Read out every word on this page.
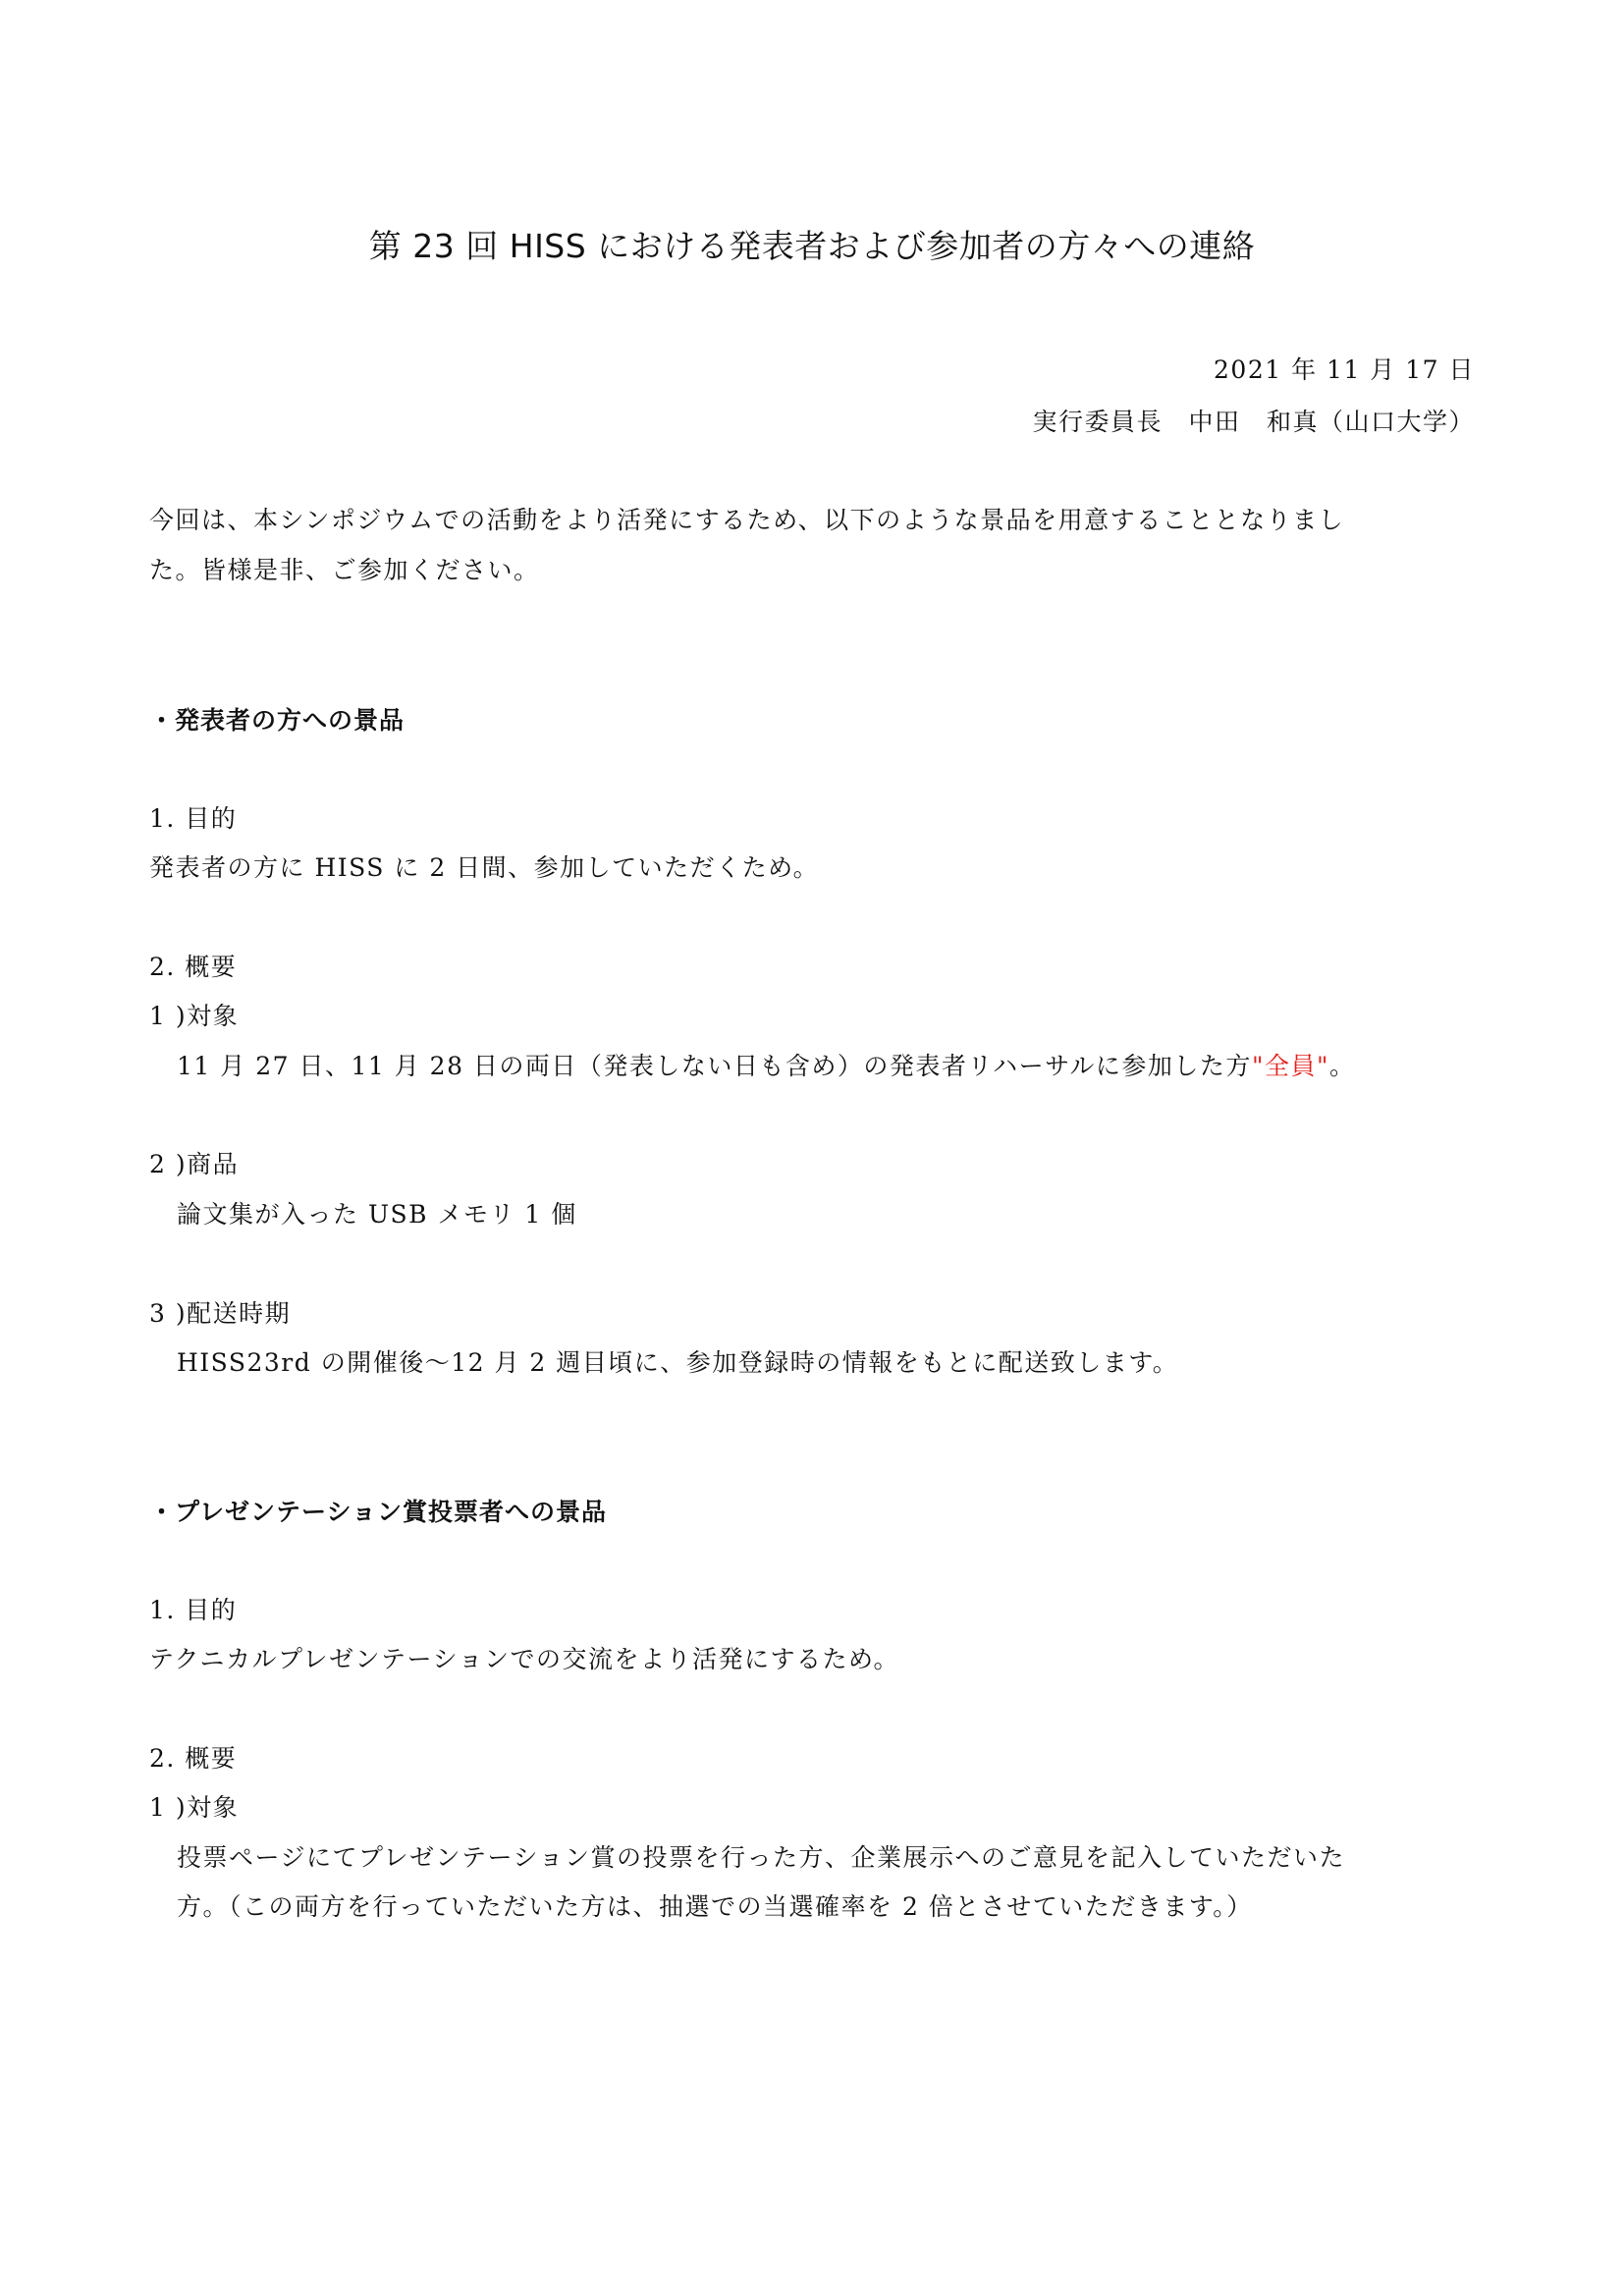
第 23 回 HISS における発表者および参加者の方々への連絡
2021 年 11 月 17 日
実行委員長　中田　和真（山口大学）
今回は、本シンポジウムでの活動をより活発にするため、以下のような景品を用意することとなりまし
た。皆様是非、ご参加ください。
・発表者の方への景品
1. 目的
発表者の方に HISS に 2 日間、参加していただくため。
2. 概要
1 )対象
11 月 27 日、11 月 28 日の両日（発表しない日も含め）の発表者リハーサルに参加した方"全員"。
2 )商品
論文集が入った USB メモリ 1 個
3 )配送時期
HISS23rd の開催後〜12 月 2 週目頃に、参加登録時の情報をもとに配送致します。
・プレゼンテーション賞投票者への景品
1. 目的
テクニカルプレゼンテーションでの交流をより活発にするため。
2. 概要
1 )対象
投票ページにてプレゼンテーション賞の投票を行った方、企業展示へのご意見を記入していただいた
方。（この両方を行っていただいた方は、抽選での当選確率を 2 倍とさせていただきます。）
